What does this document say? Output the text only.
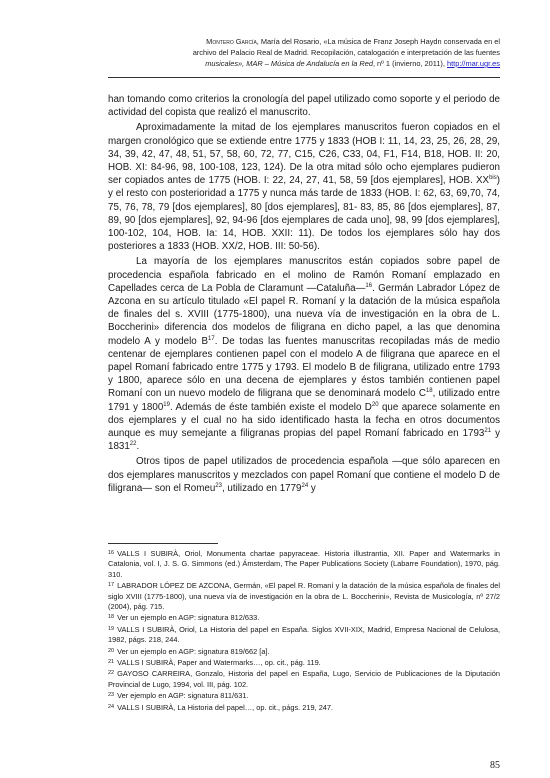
Montero García, María del Rosario, «La música de Franz Joseph Haydn conservada en el
archivo del Palacio Real de Madrid. Recopilación, catalogación e interpretación de las fuentes
musicales», MAR – Música de Andalucía en la Red, nº 1 (invierno, 2011), http://mar.ugr.es

han tomando como criterios la cronología del papel utilizado como soporte y el periodo de actividad del copista que realizó el manuscrito.

Aproximadamente la mitad de los ejemplares manuscritos fueron copiados en el margen cronológico que se extiende entre 1775 y 1833 (HOB I: 11, 14, 23, 25, 26, 28, 29, 34, 39, 42, 47, 48, 51, 57, 58, 60, 72, 77, C15, C26, C33, 04, F1, F14, B18, HOB. II: 20, HOB. XI: 84-96, 98, 100-108, 123, 124). De la otra mitad sólo ocho ejemplares pudieron ser copiados antes de 1775 (HOB. I: 22, 24, 27, 41, 58, 59 [dos ejemplares], HOB. $XX^{bis}$) y el resto con posterioridad a 1775 y nunca más tarde de 1833 (HOB. I: 62, 63, 69,70, 74, 75, 76, 78, 79 [dos ejemplares], 80 [dos ejemplares], 81- 83, 85, 86 [dos ejemplares], 87, 89, 90 [dos ejemplares], 92, 94-96 [dos ejemplares de cada uno], 98, 99 [dos ejemplares], 100-102, 104, HOB. Ia: 14, HOB. XXII: 11). De todos los ejemplares sólo hay dos posteriores a 1833 (HOB. XX/2, HOB. III: 50-56).

La mayoría de los ejemplares manuscritos están copiados sobre papel de procedencia española fabricado en el molino de Ramón Romaní emplazado en Capellades cerca de La Pobla de Claramunt —Cataluña—$^{16}$. Germán Labrador López de Azcona en su artículo titulado «El papel R. Romaní y la datación de la música española de finales del s. XVIII (1775-1800), una nueva vía de investigación en la obra de L. Boccherini» diferencia dos modelos de filigrana en dicho papel, a las que denomina modelo A y modelo $B^{17}$. De todas las fuentes manuscritas recopiladas más de medio centenar de ejemplares contienen papel con el modelo A de filigrana que aparece en el papel Romaní fabricado entre 1775 y 1793. El modelo B de filigrana, utilizado entre 1793 y 1800, aparece sólo en una decena de ejemplares y éstos también contienen papel Romaní con un nuevo modelo de filigrana que se denominará modelo $C^{18}$, utilizado entre 1791 y 1800$^{19}$. Además de éste también existe el modelo $D^{20}$ que aparece solamente en dos ejemplares y el cual no ha sido identificado hasta la fecha en otros documentos aunque es muy semejante a filigranas propias del papel Romaní fabricado en 1793$^{21}$ y 1831$^{22}$.

Otros tipos de papel utilizados de procedencia española —que sólo aparecen en dos ejemplares manuscritos y mezclados con papel Romaní que contiene el modelo D de filigrana— son el Romeu$^{23}$, utilizado en 1779$^{24}$ y

$^{16}$ VALLS I SUBIRÀ, Oriol, Monumenta chartae papyraceae. Historia illustrantia, XII. Paper and Watermarks in Catalonia, vol. I, J. S. G. Simmons (ed.) Ámsterdam, The Paper Publications Society (Labarre Foundation), 1970, pág. 310.

$^{17}$ LABRADOR LÓPEZ DE AZCONA, Germán, «El papel R. Romaní y la datación de la música española de finales del siglo XVIII (1775-1800), una nueva vía de investigación en la obra de L. Boccherini», Revista de Musicología, nº 27/2 (2004), pág. 715.

$^{18}$ Ver un ejemplo en AGP: signatura 812/633.

$^{19}$ VALLS I SUBIRÀ, Oriol, La Historia del papel en España. Siglos XVII-XIX, Madrid, Empresa Nacional de Celulosa, 1982, págs. 218, 244.

$^{20}$ Ver un ejemplo en AGP: signatura 819/662 [a].

$^{21}$ VALLS I SUBIRÀ, Paper and Watermarks…, op. cit., pág. 119.

$^{22}$ GAYOSO CARREIRA, Gonzalo, Historia del papel en España, Lugo, Servicio de Publicaciones de la Diputación Provincial de Lugo, 1994, vol. III, pág. 102.

$^{23}$ Ver ejemplo en AGP: signatura 811/631.

$^{24}$ VALLS I SUBIRÀ, La Historia del papel…, op. cit., págs. 219, 247.

85
